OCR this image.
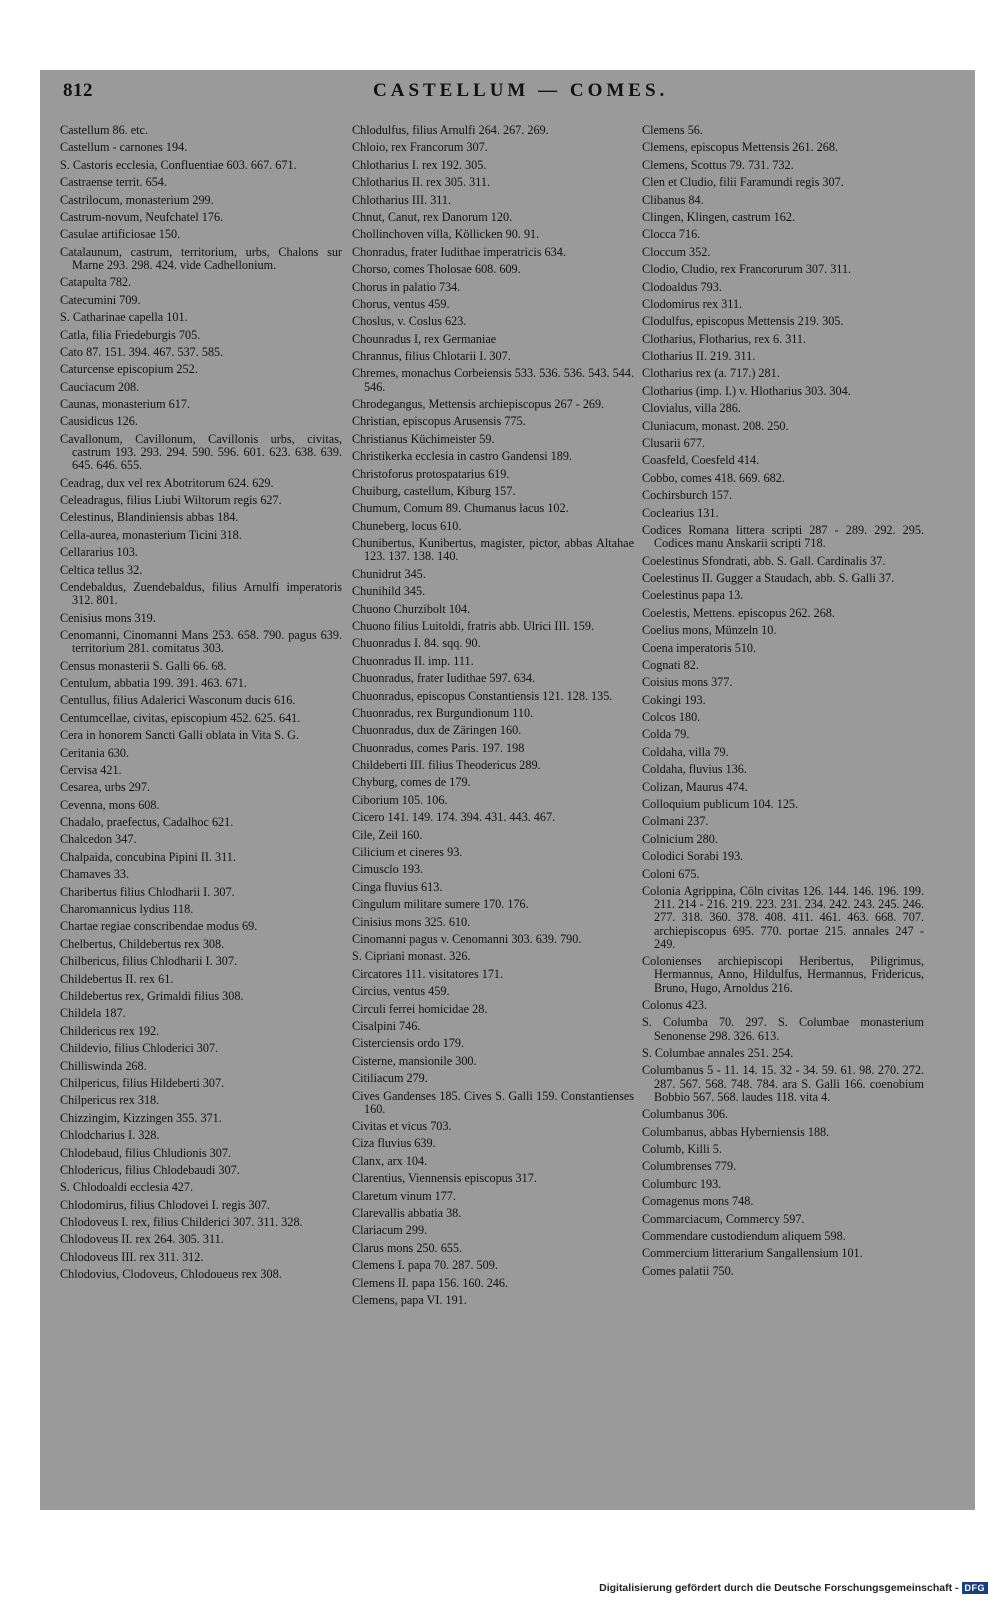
812	CASTELLUM — COMES.
Castellum 86. etc.
Castellum - carnones 194.
S. Castoris ecclesia, Confluentiae 603. 667. 671.
Castraense territ. 654.
Castrilocum, monasterium 299.
Castrum-novum, Neufchatel 176.
Casulae artificiosae 150.
Catalaunum, castrum, territorium, urbs, Chalons sur Marne 293. 298. 424. vide Cadhellonium.
Catapulta 782.
Catecumini 709.
S. Catharinae capella 101.
Catla, filia Friedeburgis 705.
Cato 87. 151. 394. 467. 537. 585.
Caturcense episcopium 252.
Cauciacum 208.
Caunas, monasterium 617.
Causidicus 126.
Cavallonum, Cavillonum, Cavillonis urbs, civitas, castrum 193. 293. 294. 590. 596. 601. 623. 638. 639. 645. 646. 655.
Ceadrag, dux vel rex Abotritorum 624. 629.
Celeadragus, filius Liubi Wiltorum regis 627.
Celestinus, Blandiniensis abbas 184.
Cella-aurea, monasterium Ticini 318.
Cellararius 103.
Celtica tellus 32.
Cendebaldus, Zuendebaldus, filius Arnulfi imperatoris 312. 801.
Cenisius mons 319.
Cenomanni, Cinomanni Mans 253. 658. 790. pagus 639. territorium 281. comitatus 303.
Census monasterii S. Galli 66. 68.
Centulum, abbatia 199. 391. 463. 671.
Centullus, filius Adalerici Wasconum ducis 616.
Centumcellae, civitas, episcopium 452. 625. 641.
Cera in honorem Sancti Galli oblata in Vita S. G.
Ceritania 630.
Cervisa 421.
Cesarea, urbs 297.
Cevenna, mons 608.
Chadalo, praefectus, Cadalhoc 621.
Chalcedon 347.
Chalpaida, concubina Pipini II. 311.
Chamaves 33.
Charibertus filius Chlodharii I. 307.
Charomannicus lydius 118.
Chartae regiae conscribendae modus 69.
Chelbertus, Childebertus rex 308.
Chilbericus, filius Chlodharii I. 307.
Childebertus II. rex 61.
Childebertus rex, Grimaldi filius 308.
Childela 187.
Childericus rex 192.
Childevio, filius Chloderici 307.
Chilliswinda 268.
Chilpericus, filius Hildeberti 307.
Chilpericus rex 318.
Chizzingim, Kizzingen 355. 371.
Chlodcharius I. 328.
Chlodebaud, filius Chludionis 307.
Chlodericus, filius Chlodebaudi 307.
S. Chlodoaldi ecclesia 427.
Chlodomirus, filius Chlodovei I. regis 307.
Chlodoveus I. rex, filius Childerici 307. 311. 328.
Chlodoveus II. rex 264. 305. 311.
Chlodoveus III. rex 311. 312.
Chlodovius, Clodoveus, Chlodoueus rex 308.
Chlodulfus, filius Arnulfi 264. 267. 269.
Chloio, rex Francorum 307.
Chlotharius I. rex 192. 305.
Chlotharius II. rex 305. 311.
Chlotharius III. 311.
Chnut, Canut, rex Danorum 120.
Chollinchoven villa, Köllicken 90. 91.
Chonradus, frater Iudithae imperatricis 634.
Chorso, comes Tholosae 608. 609.
Chorus in palatio 734.
Chorus, ventus 459.
Choslus, v. Coslus 623.
Chounradus I, rex Germaniae
Chrannus, filius Chlotarii I. 307.
Chremes, monachus Corbeiensis 533. 536. 536. 543. 544. 546.
Chrodegangus, Mettensis archiepiscopus 267 - 269.
Christian, episcopus Arusensis 775.
Christianus Küchimeister 59.
Christikerka ecclesia in castro Gandensi 189.
Christoforus protospatarius 619.
Chuiburg, castellum, Kiburg 157.
Chumum, Comum 89. Chumanus lacus 102.
Chuneberg, locus 610.
Chunibertus, Kunibertus, magister, pictor, abbas Altahae 123. 137. 138. 140.
Chunidrut 345.
Chunihild 345.
Chuono Churzibolt 104.
Chuono filius Luitoldi, fratris abb. Ulrici III. 159.
Chuonradus I. 84. sqq. 90.
Chuonradus II. imp. 111.
Chuonradus, frater Iudithae 597. 634.
Chuonradus, episcopus Constantiensis 121. 128. 135.
Chuonradus, rex Burgundionum 110.
Chuonradus, dux de Zäringen 160.
Chuonradus, comes Paris. 197. 198
Childeberti III. filius Theodericus 289.
Chyburg, comes de 179.
Ciborium 105. 106.
Cicero 141. 149. 174. 394. 431. 443. 467.
Cile, Zeil 160.
Cilicium et cineres 93.
Cimusclo 193.
Cinga fluvius 613.
Cingulum militare sumere 170. 176.
Cinisius mons 325. 610.
Cinomanni pagus v. Cenomanni 303. 639. 790.
S. Cipriani monast. 326.
Circatores 111. visitatores 171.
Circius, ventus 459.
Circuli ferrei homicidae 28.
Cisalpini 746.
Cisterciensis ordo 179.
Cisterne, mansionile 300.
Citiliacum 279.
Cives Gandenses 185. Cives S. Galli 159. Constantienses 160.
Civitas et vicus 703.
Ciza fluvius 639.
Clanx, arx 104.
Clarentius, Viennensis episcopus 317.
Claretum vinum 177.
Clarevallis abbatia 38.
Clariacum 299.
Clarus mons 250. 655.
Clemens I. papa 70. 287. 509.
Clemens II. papa 156. 160. 246.
Clemens, papa VI. 191.
Clemens 56.
Clemens, episcopus Mettensis 261. 268.
Clemens, Scottus 79. 731. 732.
Clen et Cludio, filii Faramundi regis 307.
Clibanus 84.
Clingen, Klingen, castrum 162.
Clocca 716.
Cloccum 352.
Clodio, Cludio, rex Francorurum 307. 311.
Clodoaldus 793.
Clodomirus rex 311.
Clodulfus, episcopus Mettensis 219. 305.
Clotharius, Flotharius, rex 6. 311.
Clotharius II. 219. 311.
Clotharius rex (a. 717.) 281.
Clotharius (imp. I.) v. Hlotharius 303. 304.
Clovialus, villa 286.
Cluniacum, monast. 208. 250.
Clusarii 677.
Coasfeld, Coesfeld 414.
Cobbo, comes 418. 669. 682.
Cochirsburch 157.
Coclearius 131.
Codices Romana littera scripti 287 - 289. 292. 295. Codices manu Anskarii scripti 718.
Coelestinus Sfondrati, abb. S. Gall. Cardinalis 37.
Coelestinus II. Gugger a Staudach, abb. S. Galli 37.
Coelestinus papa 13.
Coelestis, Mettens. episcopus 262. 268.
Coelius mons, Münzeln 10.
Coena imperatoris 510.
Cognati 82.
Coisius mons 377.
Cokingi 193.
Colcos 180.
Colda 79.
Coldaha, villa 79.
Coldaha, fluvius 136.
Colizan, Maurus 474.
Colloquium publicum 104. 125.
Colmani 237.
Colnicium 280.
Colodici Sorabi 193.
Coloni 675.
Colonia Agrippina, Cöln civitas 126. 144. 146. 196. 199. 211. 214 - 216. 219. 223. 231. 234. 242. 243. 245. 246. 277. 318. 360. 378. 408. 411. 461. 463. 668. 707. archiepiscopus 695. 770. portae 215. annales 247 - 249.
Colonienses archiepiscopi Heribertus, Piligrimus, Hermannus, Anno, Hildulfus, Hermannus, Fridericus, Bruno, Hugo, Arnoldus 216.
Colonus 423.
S. Columba 70. 297. S. Columbae monasterium Senonense 298. 326. 613.
S. Columbae annales 251. 254.
Columbanus 5 - 11. 14. 15. 32 - 34. 59. 61. 98. 270. 272. 287. 567. 568. 748. 784. ara S. Galli 166. coenobium Bobbio 567. 568. laudes 118. vita 4.
Columbanus 306.
Columbanus, abbas Hyberniensis 188.
Columb, Killi 5.
Columbrenses 779.
Columburc 193.
Comagenus mons 748.
Commarciacum, Commercy 597.
Commendare custodiendum aliquem 598.
Commercium litterarium Sangallensium 101.
Comes palatii 750.
Digitalisierung gefördert durch die Deutsche Forschungsgemeinschaft - DFG
